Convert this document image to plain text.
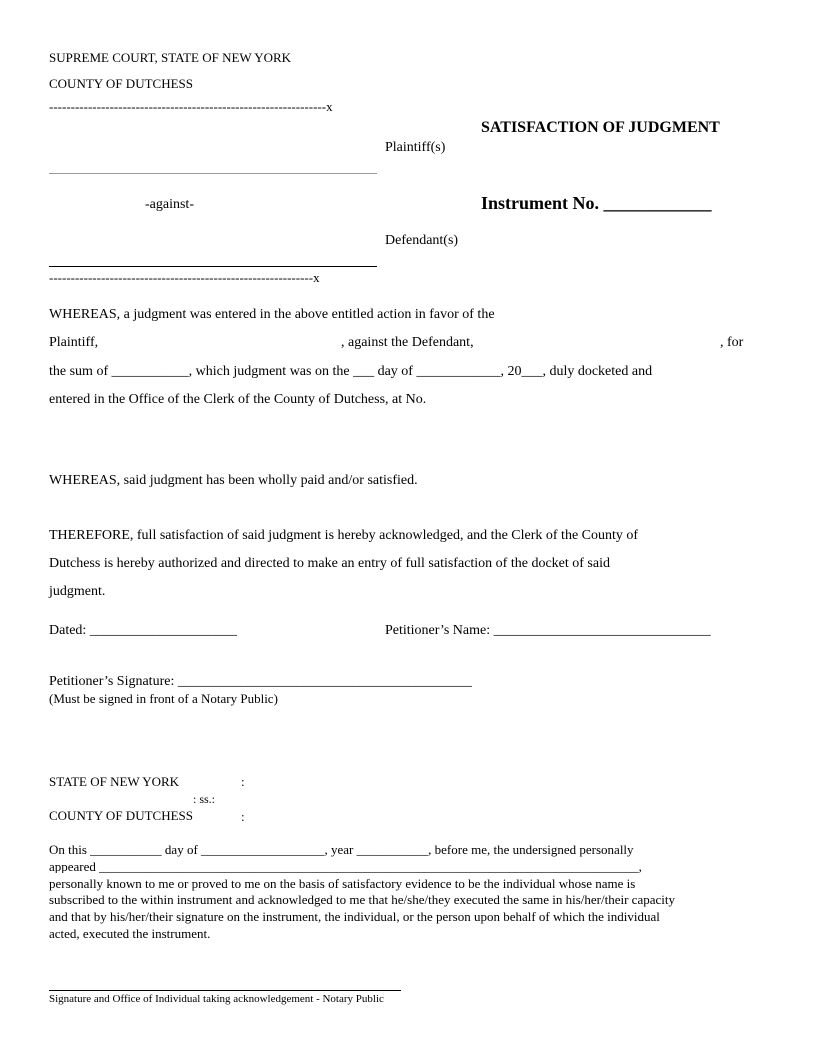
SUPREME COURT, STATE OF NEW YORK
COUNTY OF DUTCHESS
----------------------------------------------------------------x
SATISFACTION OF JUDGMENT
Plaintiff(s)
-against-	Instrument No. ____________
Defendant(s)
-------------------------------------------------------------x
WHEREAS, a judgment was entered in the above entitled action in favor of the
Plaintiff,	, against the Defendant,	, for
the sum of ___________, which judgment was on the ___ day of ____________, 20___, duly docketed and
entered in the Office of the Clerk of the County of Dutchess, at No.
WHEREAS, said judgment has been wholly paid and/or satisfied.
THEREFORE, full satisfaction of said judgment is hereby acknowledged, and the Clerk of the County of
Dutchess is hereby authorized and directed to make an entry of full satisfaction of the docket of said
judgment.
Dated: _____________________	Petitioner’s Name: _______________________________
Petitioner’s Signature: __________________________________________
(Must be signed in front of a Notary Public)
STATE OF NEW YORK	:
: ss.:
COUNTY OF DUTCHESS	:
On this ___________ day of ___________________, year ___________, before me, the undersigned personally
appeared ___________________________________________________________________________________,
personally known to me or proved to me on the basis of satisfactory evidence to be the individual whose name is
subscribed to the within instrument and acknowledged to me that he/she/they executed the same in his/her/their capacity
and that by his/her/their signature on the instrument, the individual, or the person upon behalf of which the individual
acted, executed the instrument.
Signature and Office of Individual taking acknowledgement - Notary Public
